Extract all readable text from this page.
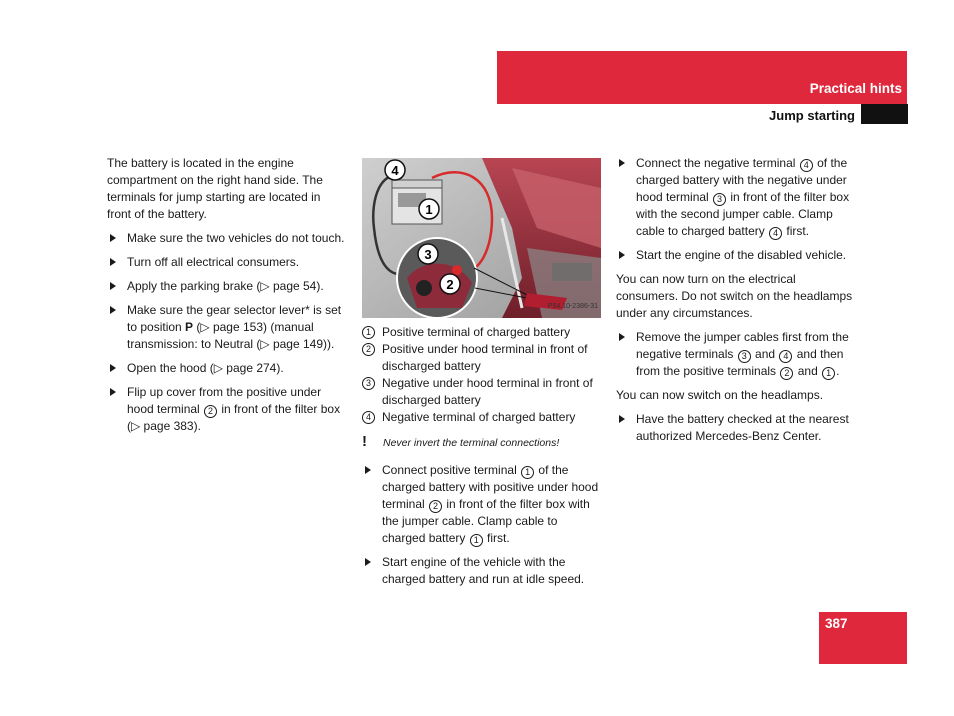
Practical hints
Jump starting

The battery is located in the engine compartment on the right hand side. The terminals for jump starting are located in front of the battery.

Make sure the two vehicles do not touch.
Turn off all electrical consumers.
Apply the parking brake (▷ page 54).
Make sure the gear selector lever* is set to position P (▷ page 153) (manual transmission: to Neutral (▷ page 149)).
Open the hood (▷ page 274).
Flip up cover from the positive under hood terminal 2 in front of the filter box (▷ page 383).
4
1
3
2
P54.10-2386-31
1 Positive terminal of charged battery
2 Positive under hood terminal in front of discharged battery
3 Negative under hood terminal in front of discharged battery
4 Negative terminal of charged battery
! Never invert the terminal connections!
Connect positive terminal 1 of the charged battery with positive under hood terminal 2 in front of the filter box with the jumper cable. Clamp cable to charged battery 1 first.
Start engine of the vehicle with the charged battery and run at idle speed.
Connect the negative terminal 4 of the charged battery with the negative under hood terminal 3 in front of the filter box with the second jumper cable. Clamp cable to charged battery 4 first.
Start the engine of the disabled vehicle.

You can now turn on the electrical consumers. Do not switch on the headlamps under any circumstances.

Remove the jumper cables first from the negative terminals 3 and 4 and then from the positive terminals 2 and 1 .

You can now switch on the headlamps.

Have the battery checked at the nearest authorized Mercedes-Benz Center.
387
